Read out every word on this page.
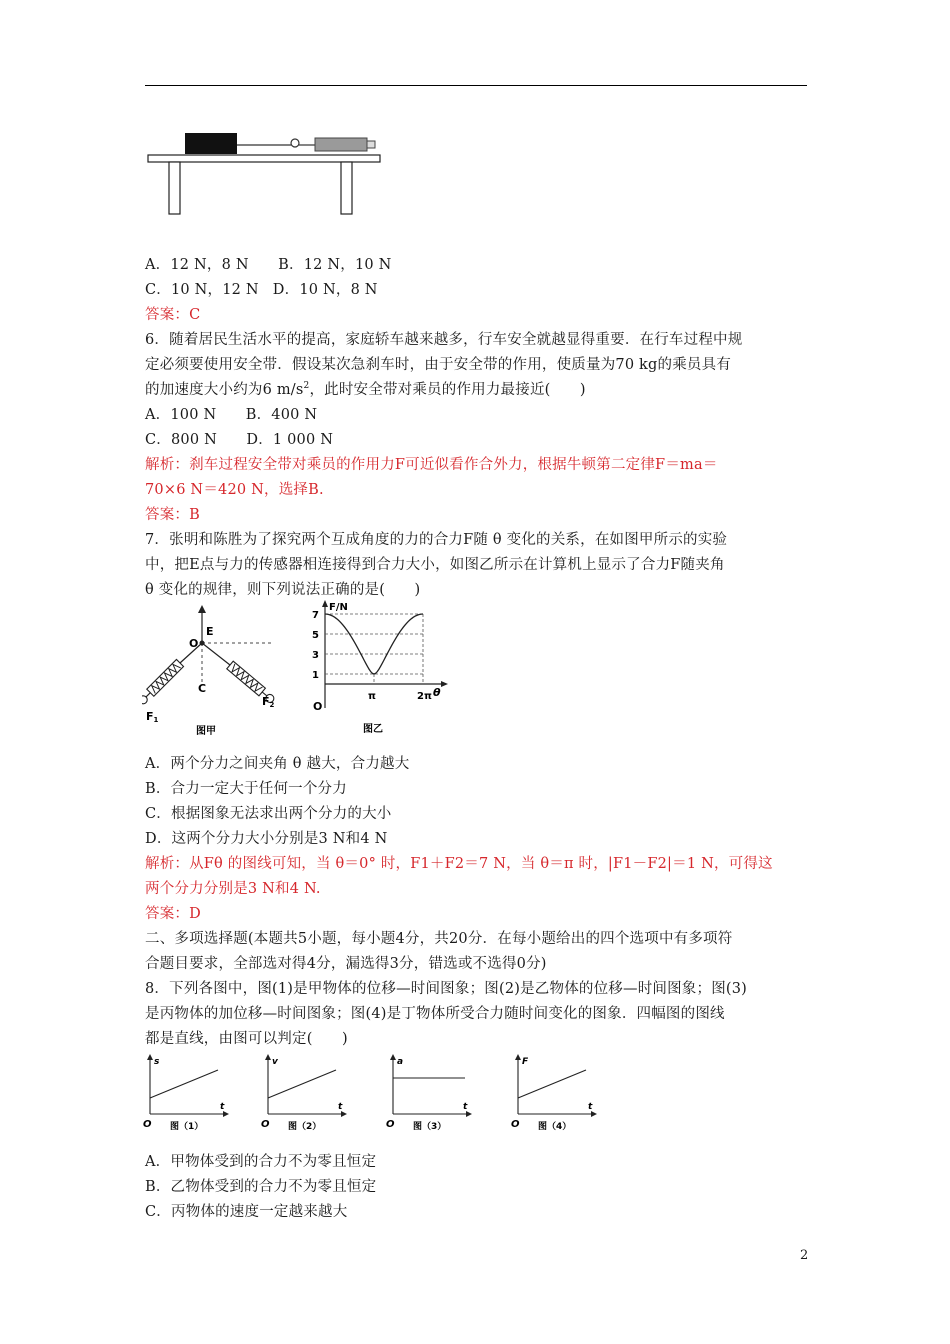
A．12 N，8 N　　B．12 N，10 N
C．10 N，12 N D．10 N，8 N
答案：C
6．随着居民生活水平的提高，家庭轿车越来越多，行车安全就越显得重要．在行车过程中规
定必须要使用安全带．假设某次急刹车时，由于安全带的作用，使质量为70 kg的乘员具有
的加速度大小约为6 $m/s^2$，此时安全带对乘员的作用力最接近(　　)
A．100 N　　B．400 N
C．800 N　　D．1 000 N
解析：刹车过程安全带对乘员的作用力F可近似看作合外力，根据牛顿第二定律F＝ma＝
70×6 N＝420 N，选择B.
答案：B
7．张明和陈胜为了探究两个互成角度的力的合力F随 θ 变化的关系，在如图甲所示的实验
中，把E点与力的传感器相连接得到合力大小，如图乙所示在计算机上显示了合力F随夹角
θ 变化的规律，则下列说法正确的是(　　)
E
O
C
F1
F2
图甲
F/N
θ
O
7
5
3
1
π	2π
图乙
A．两个分力之间夹角 θ 越大，合力越大
B．合力一定大于任何一个分力
C．根据图象无法求出两个分力的大小
D．这两个分力大小分别是3 N和4 N
解析：从Fθ 的图线可知，当 θ＝0° 时，F1＋F2＝7 N，当 θ＝π 时，|F1－F2|＝1 N，可得这
两个分力分别是3 N和4 N.
答案：D
二、多项选择题(本题共5小题，每小题4分，共20分．在每小题给出的四个选项中有多项符
合题目要求，全部选对得4分，漏选得3分，错选或不选得0分)
8．下列各图中，图(1)是甲物体的位移—时间图象；图(2)是乙物体的位移—时间图象；图(3)
是丙物体的加位移—时间图象；图(4)是丁物体所受合力随时间变化的图象．四幅图的图线
都是直线，由图可以判定(　　)
s
t
O 图（1）
v
t
O 图（2）
a
t
O 图（3）
F
t
O 图（4）
A．甲物体受到的合力不为零且恒定
B．乙物体受到的合力不为零且恒定
C．丙物体的速度一定越来越大
2
